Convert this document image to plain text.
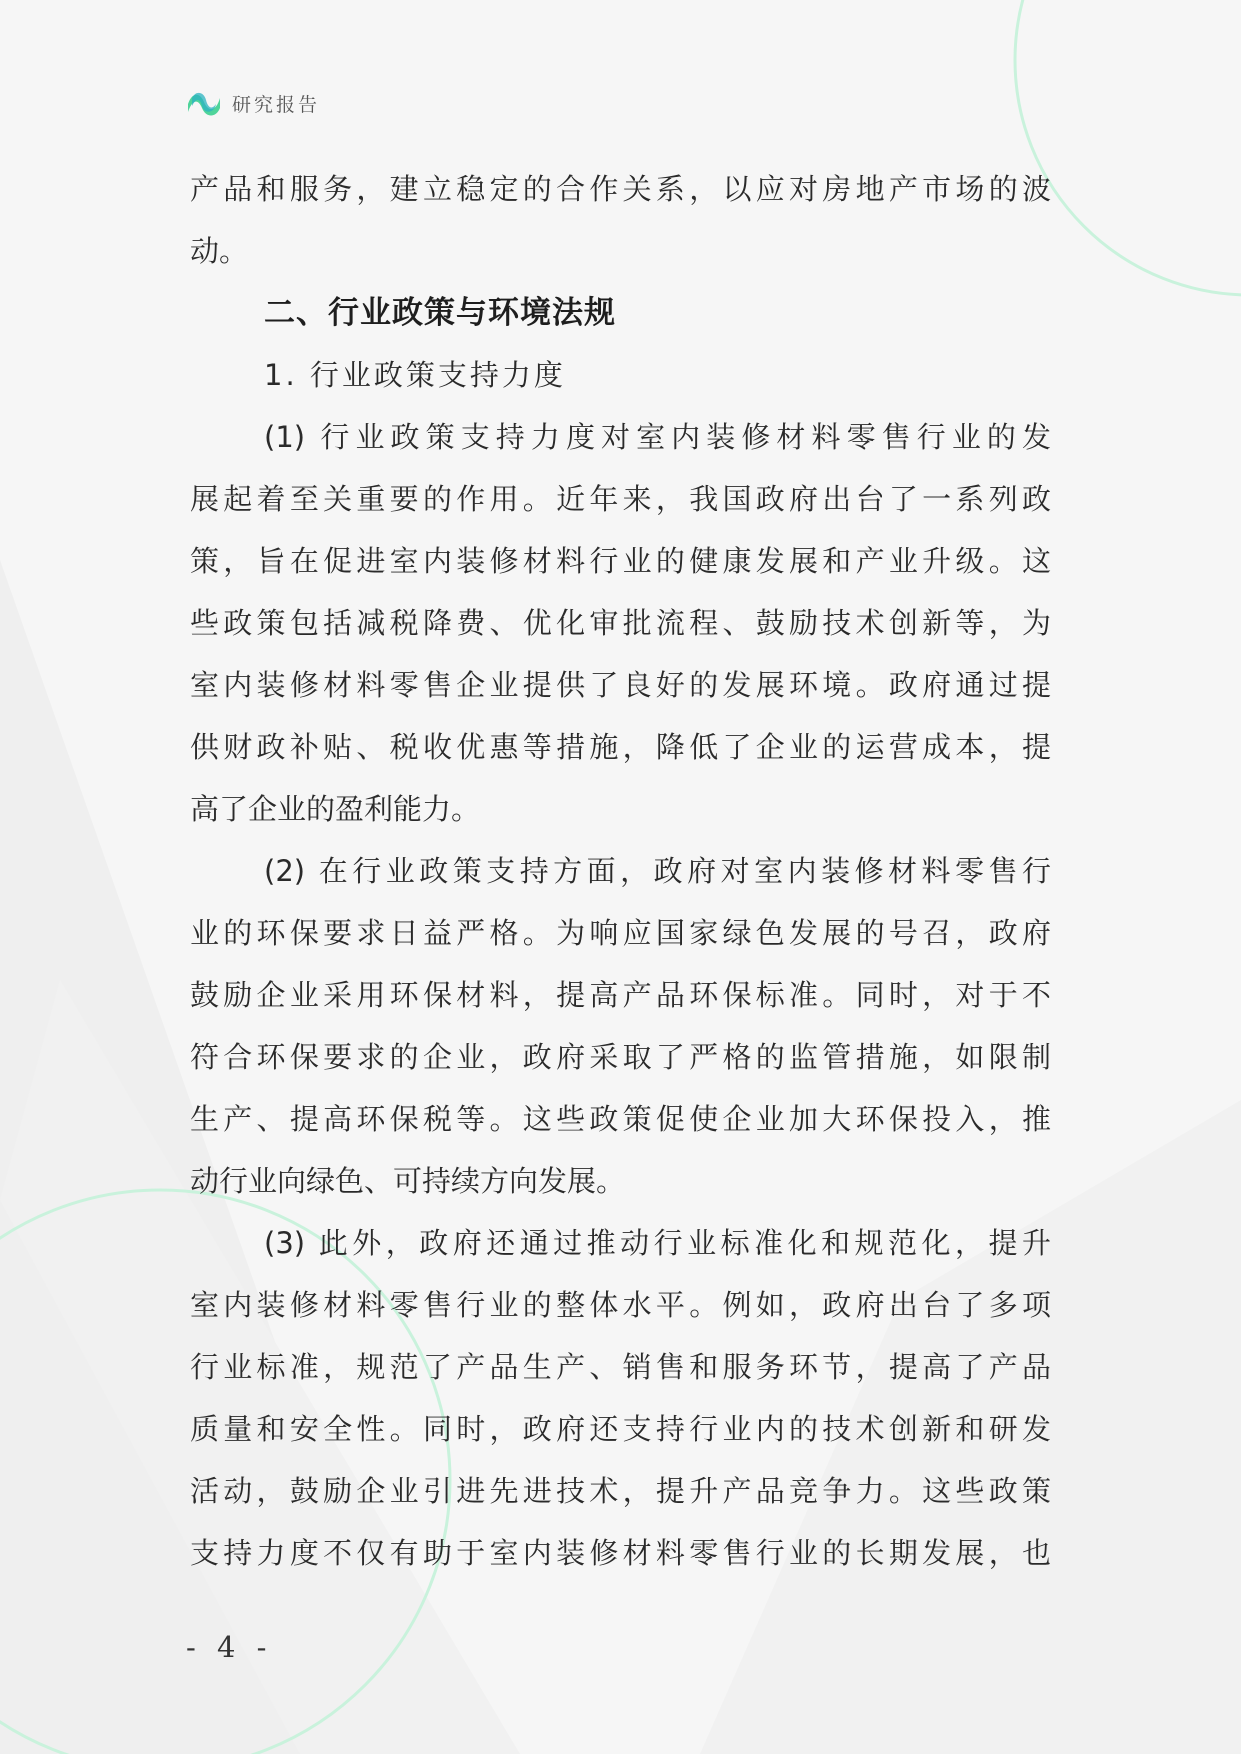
研究报告
产品和服务，建立稳定的合作关系，以应对房地产市场的波
动。
二、行业政策与环境法规
1. 行业政策支持力度
(1) 行业政策支持力度对室内装修材料零售行业的发
展起着至关重要的作用。近年来，我国政府出台了一系列政
策，旨在促进室内装修材料行业的健康发展和产业升级。这
些政策包括减税降费、优化审批流程、鼓励技术创新等，为
室内装修材料零售企业提供了良好的发展环境。政府通过提
供财政补贴、税收优惠等措施，降低了企业的运营成本，提
高了企业的盈利能力。
(2) 在行业政策支持方面，政府对室内装修材料零售行
业的环保要求日益严格。为响应国家绿色发展的号召，政府
鼓励企业采用环保材料，提高产品环保标准。同时，对于不
符合环保要求的企业，政府采取了严格的监管措施，如限制
生产、提高环保税等。这些政策促使企业加大环保投入，推
动行业向绿色、可持续方向发展。
(3) 此外，政府还通过推动行业标准化和规范化，提升
室内装修材料零售行业的整体水平。例如，政府出台了多项
行业标准，规范了产品生产、销售和服务环节，提高了产品
质量和安全性。同时，政府还支持行业内的技术创新和研发
活动，鼓励企业引进先进技术，提升产品竞争力。这些政策
支持力度不仅有助于室内装修材料零售行业的长期发展，也
- 4 -
